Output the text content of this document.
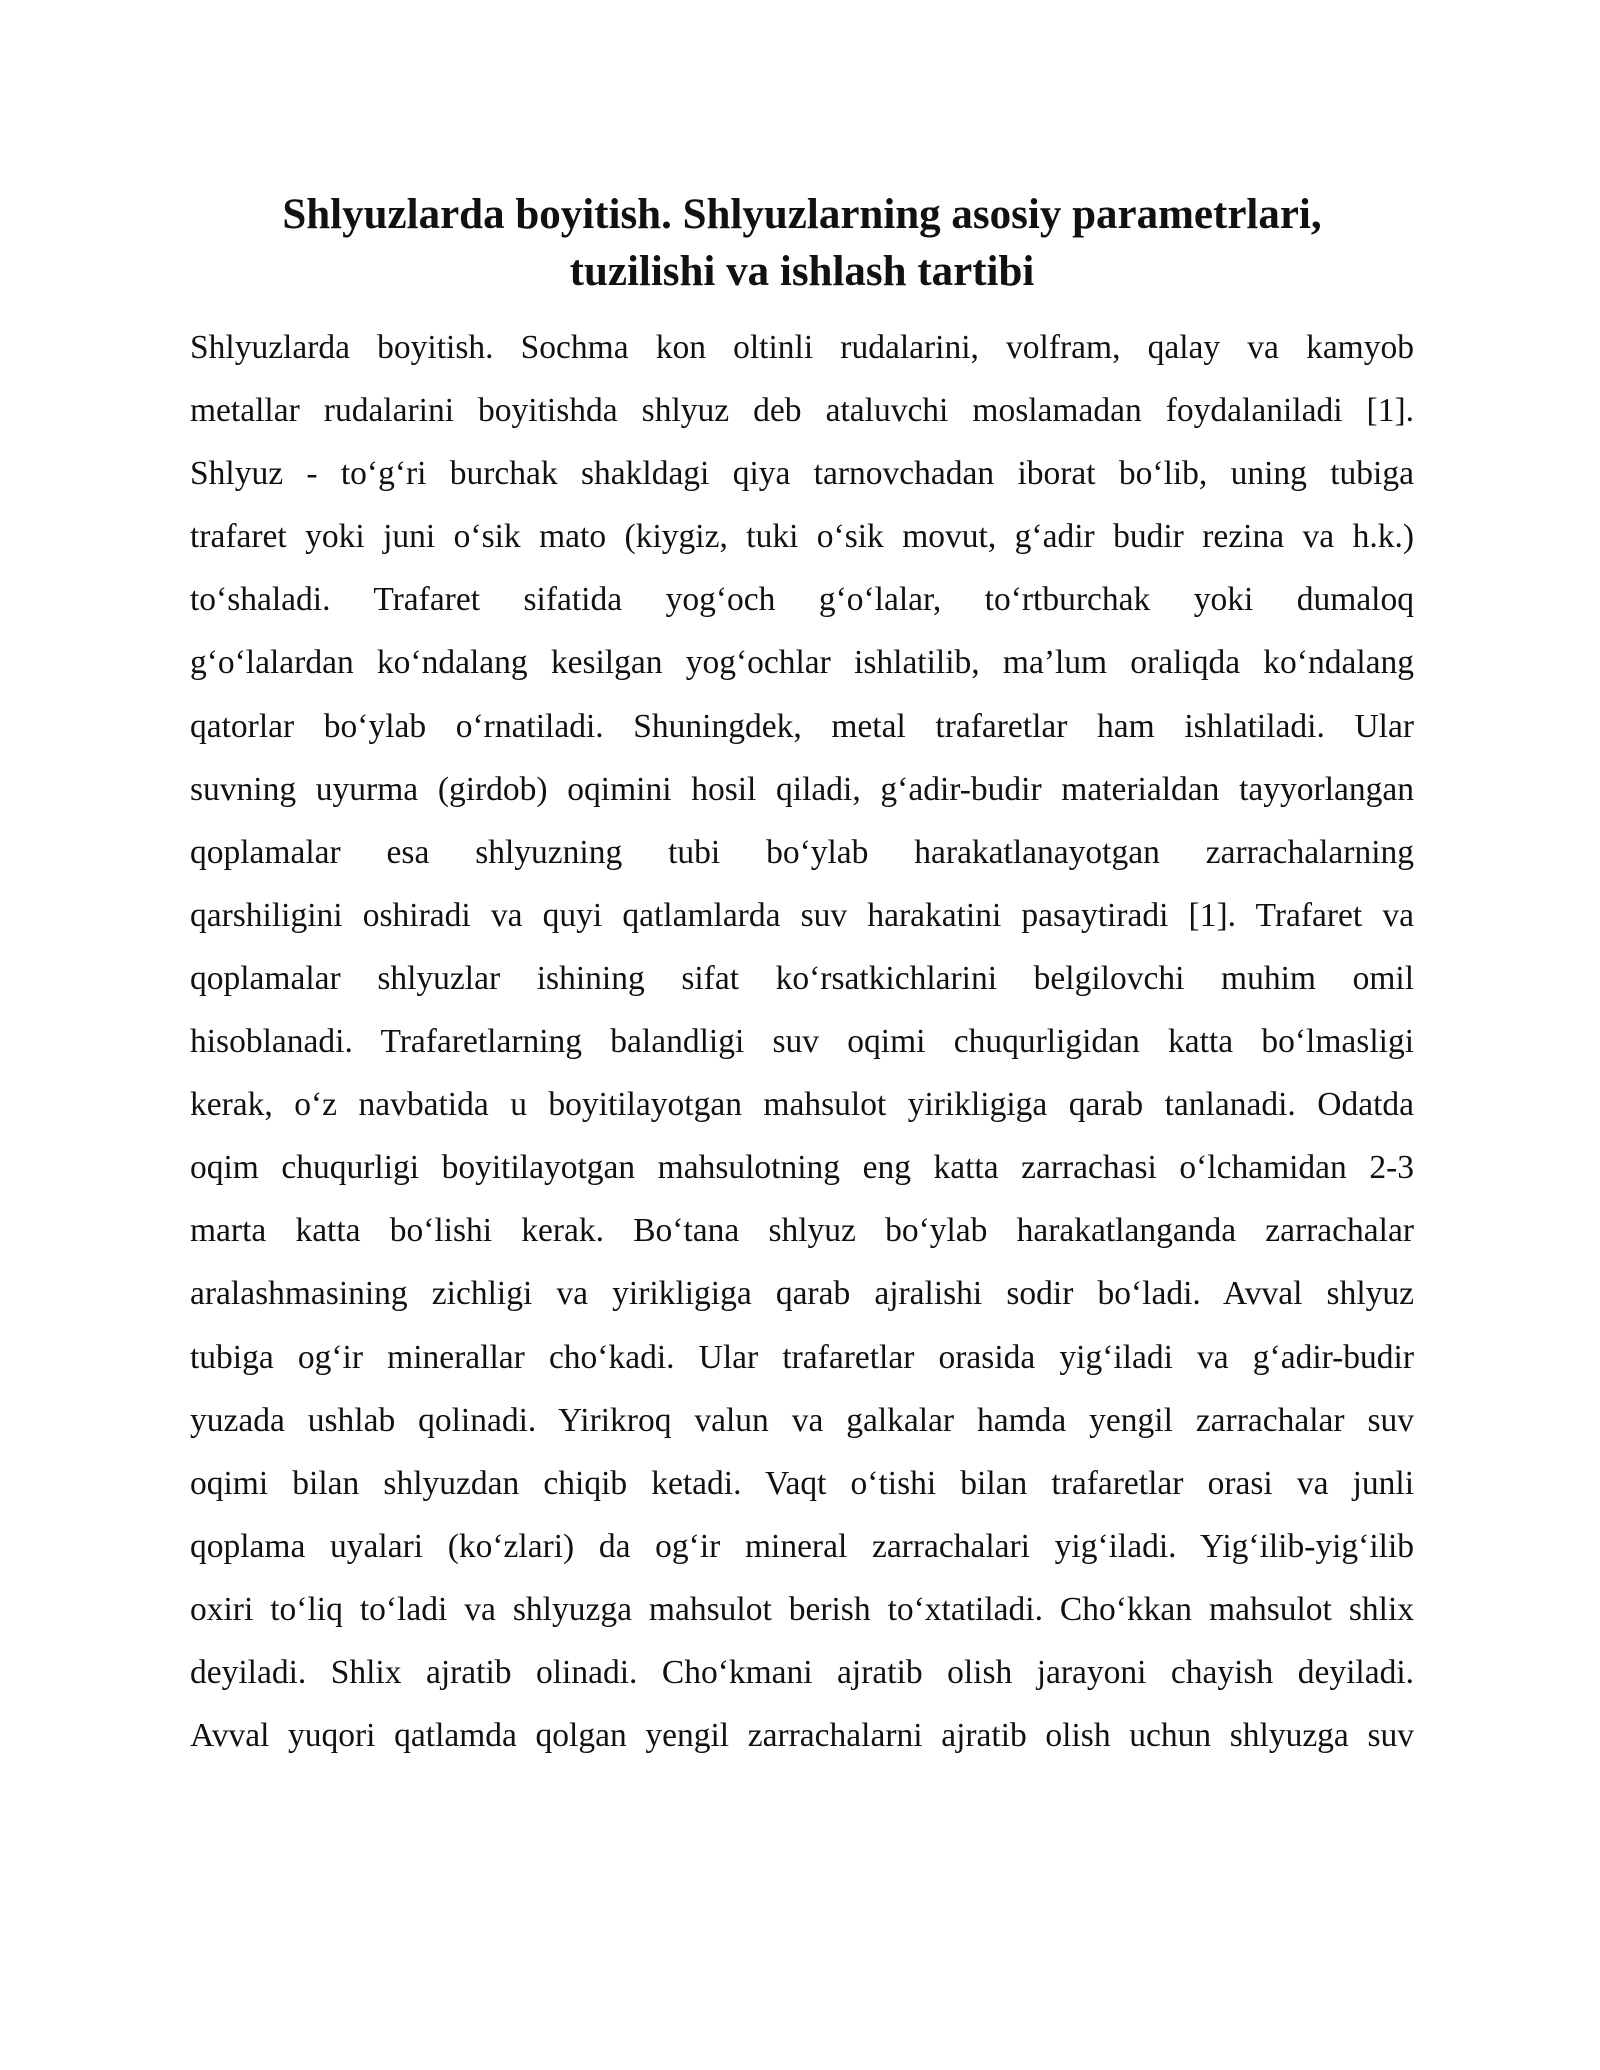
Shlyuzlarda boyitish. Shlyuzlarning asosiy parametrlari,
tuzilishi va ishlash tartibi
Shlyuzlarda boyitish. Sochma kon oltinli rudalarini, volfram, qalay va kamyob
metallar rudalarini boyitishda shlyuz deb ataluvchi moslamadan foydalaniladi [1].
Shlyuz - to‘g‘ri burchak shakldagi qiya tarnovchadan iborat bo‘lib, uning tubiga
trafaret yoki juni o‘sik mato (kiygiz, tuki o‘sik movut, g‘adir budir rezina va h.k.)
to‘shaladi. Trafaret sifatida yog‘och g‘o‘lalar, to‘rtburchak yoki dumaloq
g‘o‘lalardan ko‘ndalang kesilgan yog‘ochlar ishlatilib, ma’lum oraliqda ko‘ndalang
qatorlar bo‘ylab o‘rnatiladi. Shuningdek, metal trafaretlar ham ishlatiladi. Ular
suvning uyurma (girdob) oqimini hosil qiladi, g‘adir-budir materialdan tayyorlangan
qoplamalar esa shlyuzning tubi bo‘ylab harakatlanayotgan zarrachalarning
qarshiligini oshiradi va quyi qatlamlarda suv harakatini pasaytiradi [1]. Trafaret va
qoplamalar shlyuzlar ishining sifat ko‘rsatkichlarini belgilovchi muhim omil
hisoblanadi. Trafaretlarning balandligi suv oqimi chuqurligidan katta bo‘lmasligi
kerak, o‘z navbatida u boyitilayotgan mahsulot yirikligiga qarab tanlanadi. Odatda
oqim chuqurligi boyitilayotgan mahsulotning eng katta zarrachasi o‘lchamidan 2-3
marta katta bo‘lishi kerak. Bo‘tana shlyuz bo‘ylab harakatlanganda zarrachalar
aralashmasining zichligi va yirikligiga qarab ajralishi sodir bo‘ladi. Avval shlyuz
tubiga og‘ir minerallar cho‘kadi. Ular trafaretlar orasida yig‘iladi va g‘adir-budir
yuzada ushlab qolinadi. Yirikroq valun va galkalar hamda yengil zarrachalar suv
oqimi bilan shlyuzdan chiqib ketadi. Vaqt o‘tishi bilan trafaretlar orasi va junli
qoplama uyalari (ko‘zlari) da og‘ir mineral zarrachalari yig‘iladi. Yig‘ilib-yig‘ilib
oxiri to‘liq to‘ladi va shlyuzga mahsulot berish to‘xtatiladi. Cho‘kkan mahsulot shlix
deyiladi. Shlix ajratib olinadi. Cho‘kmani ajratib olish jarayoni chayish deyiladi.
Avval yuqori qatlamda qolgan yengil zarrachalarni ajratib olish uchun shlyuzga suv
